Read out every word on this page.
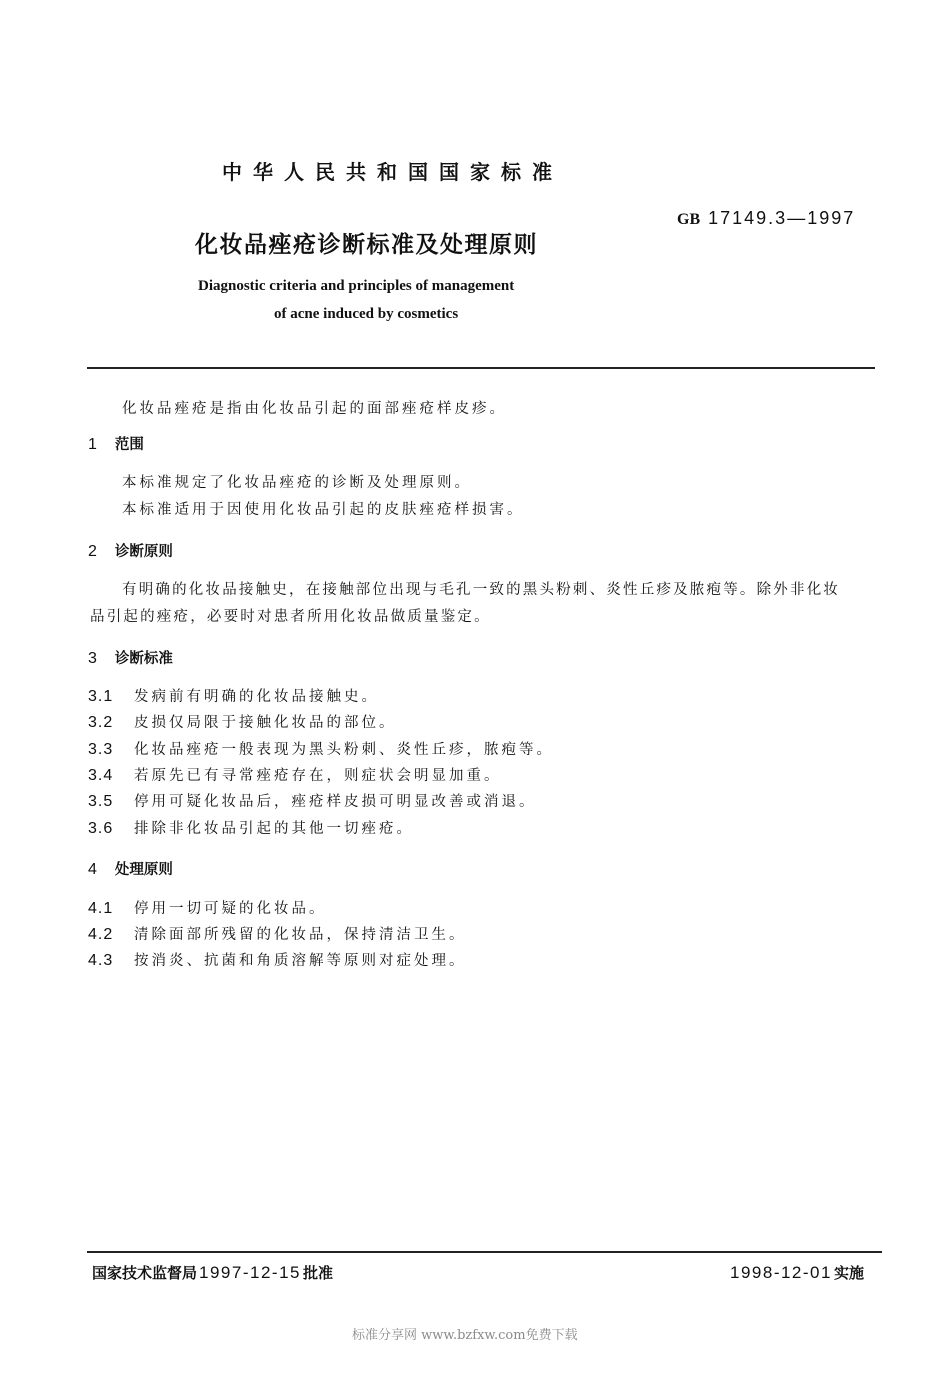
中华人民共和国国家标准
GB 17149.3—1997
化妆品痤疮诊断标准及处理原则
Diagnostic criteria and principles of management
of acne induced by cosmetics
化妆品痤疮是指由化妆品引起的面部痤疮样皮疹。
1 范围
本标准规定了化妆品痤疮的诊断及处理原则。
本标准适用于因使用化妆品引起的皮肤痤疮样损害。
2 诊断原则
有明确的化妆品接触史，在接触部位出现与毛孔一致的黑头粉刺、炎性丘疹及脓疱等。除外非化妆
品引起的痤疮，必要时对患者所用化妆品做质量鉴定。
3 诊断标准
3.1 发病前有明确的化妆品接触史。
3.2 皮损仅局限于接触化妆品的部位。
3.3 化妆品痤疮一般表现为黑头粉刺、炎性丘疹，脓疱等。
3.4 若原先已有寻常痤疮存在，则症状会明显加重。
3.5 停用可疑化妆品后，痤疮样皮损可明显改善或消退。
3.6 排除非化妆品引起的其他一切痤疮。
4 处理原则
4.1 停用一切可疑的化妆品。
4.2 清除面部所残留的化妆品，保持清洁卫生。
4.3 按消炎、抗菌和角质溶解等原则对症处理。
国家技术监督局 1997-12-15 批准	1998-12-01 实施
标准分享网 www.bzfxw.com免费下载
